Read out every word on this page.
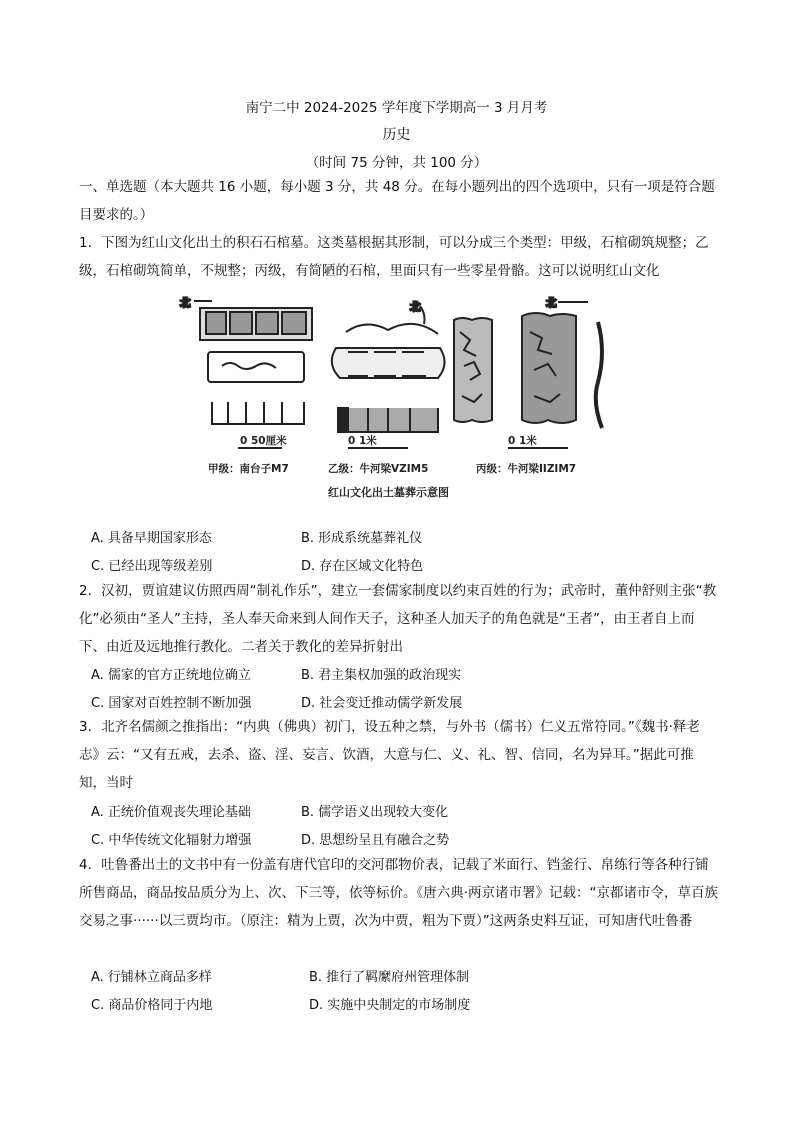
南宁二中 2024-2025 学年度下学期高一 3 月月考
历史
（时间 75 分钟，共 100 分）
一、单选题（本大题共 16 小题，每小题 3 分，共 48 分。在每小题列出的四个选项中，只有一项是符合题目要求的。）
1．下图为红山文化出土的积石石棺墓。这类墓根据其形制，可以分成三个类型：甲级，石棺砌筑规整；乙级，石棺砌筑简单，不规整；丙级，有简陋的石棺，里面只有一些零星骨骼。这可以说明红山文化
北	北	北
0 50厘米	0 1米	0 1米
甲级：南台子M7	乙级：牛河梁VZIM5	丙级：牛河梁IIZIM7
红山文化出土墓葬示意图
A. 具备早期国家形态	B. 形成系统墓葬礼仪
C. 已经出现等级差别	D. 存在区域文化特色
2．汉初，贾谊建议仿照西周“制礼作乐”，建立一套儒家制度以约束百姓的行为；武帝时，董仲舒则主张“教化”必须由“圣人”主持，圣人奉天命来到人间作天子，这种圣人加天子的角色就是“王者”，由王者自上而下、由近及远地推行教化。二者关于教化的差异折射出
A. 儒家的官方正统地位确立	B. 君主集权加强的政治现实
C. 国家对百姓控制不断加强	D. 社会变迁推动儒学新发展
3．北齐名儒颜之推指出：“内典（佛典）初门，设五种之禁，与外书（儒书）仁义五常符同。”《魏书·释老志》云：“又有五戒，去杀、盗、淫、妄言、饮酒，大意与仁、义、礼、智、信同，名为异耳。”据此可推知，当时
A. 正统价值观丧失理论基础	B. 儒学语义出现较大变化
C. 中华传统文化辐射力增强	D. 思想纷呈且有融合之势
4．吐鲁番出土的文书中有一份盖有唐代官印的交河郡物价表，记载了米面行、铛釜行、帛练行等各种行铺所售商品，商品按品质分为上、次、下三等，依等标价。《唐六典·两京诸市署》记载：“京都诸市令，草百族交易之事······以三贾均市。（原注：精为上贾，次为中贾，粗为下贾）”这两条史料互证，可知唐代吐鲁番
A. 行铺林立商品多样	B. 推行了羁縻府州管理体制
C. 商品价格同于内地	D. 实施中央制定的市场制度
